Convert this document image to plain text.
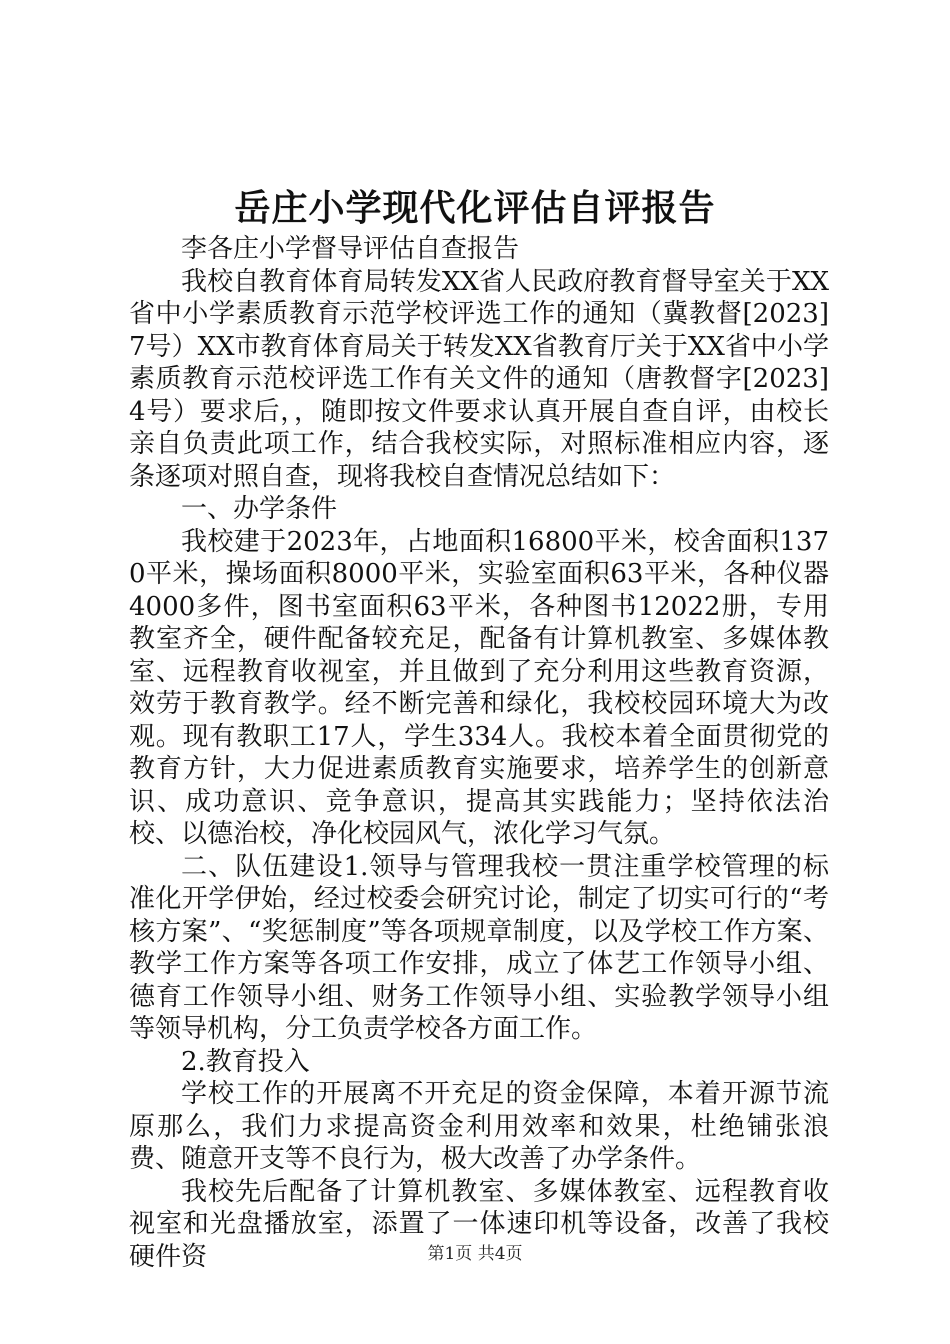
岳庄小学现代化评估自评报告

李各庄小学督导评估自查报告

我校自教育体育局转发XX省人民政府教育督导室关于XX省中小学素质教育示范学校评选工作的通知（冀教督[2023]7号）XX市教育体育局关于转发XX省教育厅关于XX省中小学素质教育示范校评选工作有关文件的通知（唐教督字[2023]4号）要求后，，随即按文件要求认真开展自查自评，由校长亲自负责此项工作，结合我校实际，对照标准相应内容，逐条逐项对照自查，现将我校自查情况总结如下：

一、办学条件

我校建于2023年，占地面积16800平米，校舍面积1370平米，操场面积8000平米，实验室面积63平米，各种仪器4000多件，图书室面积63平米，各种图书12022册，专用教室齐全，硬件配备较充足，配备有计算机教室、多媒体教室、远程教育收视室，并且做到了充分利用这些教育资源，效劳于教育教学。经不断完善和绿化，我校校园环境大为改观。现有教职工17人，学生334人。我校本着全面贯彻党的教育方针，大力促进素质教育实施要求，培养学生的创新意识、成功意识、竞争意识，提高其实践能力；坚持依法治校、以德治校，净化校园风气，浓化学习气氛。

二、队伍建设1.领导与管理我校一贯注重学校管理的标准化开学伊始，经过校委会研究讨论，制定了切实可行的“考核方案”、“奖惩制度”等各项规章制度，以及学校工作方案、教学工作方案等各项工作安排，成立了体艺工作领导小组、德育工作领导小组、财务工作领导小组、实验教学领导小组等领导机构，分工负责学校各方面工作。

2.教育投入

学校工作的开展离不开充足的资金保障，本着开源节流原那么，我们力求提高资金利用效率和效果，杜绝铺张浪费、随意开支等不良行为，极大改善了办学条件。

我校先后配备了计算机教室、多媒体教室、远程教育收视室和光盘播放室，添置了一体速印机等设备，改善了我校硬件资	第1页 共4页
